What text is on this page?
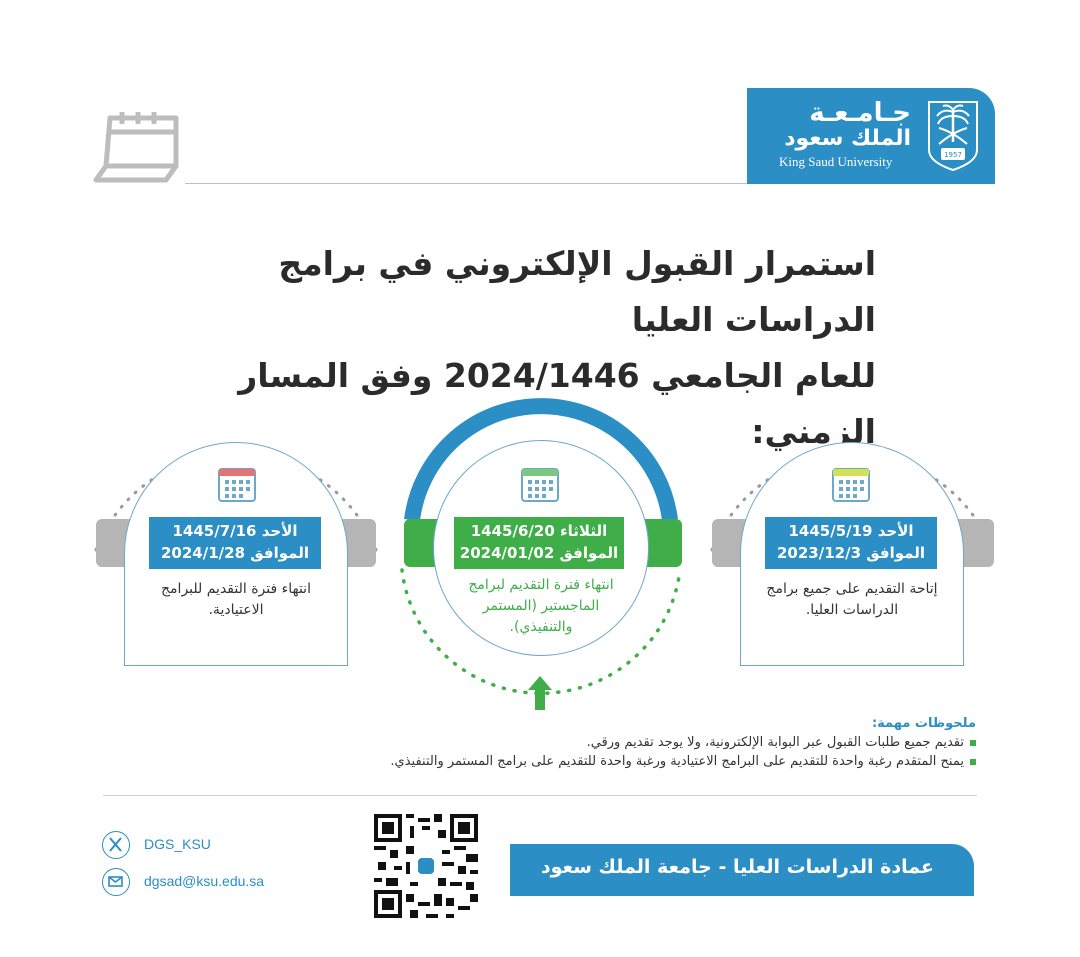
جـامـعـة
الملك سعود
King Saud University	1957
استمرار القبول الإلكتروني في برامج الدراسات العليا
للعام الجامعي 2024/1446 وفق المسار الزمني:
الأحد 1445/7/16
الموافق 2024/1/28
انتهاء فترة التقديم للبرامج الاعتيادية.
الثلاثاء 1445/6/20
الموافق 2024/01/02
انتهاء فترة التقديم لبرامج الماجستير (المستمر والتنفيذي).
الأحد 1445/5/19
الموافق 2023/12/3
إتاحة التقديم على جميع برامج الدراسات العليا.
ملحوظات مهمة:
تقديم جميع طلبات القبول عبر البوابة الإلكترونية، ولا يوجد تقديم ورقي.
يمنح المتقدم رغبة واحدة للتقديم على البرامج الاعتيادية ورغبة واحدة للتقديم على برامج المستمر والتنفيذي.
DGS_KSU
dgsad@ksu.edu.sa
عمادة الدراسات العليا - جامعة الملك سعود
